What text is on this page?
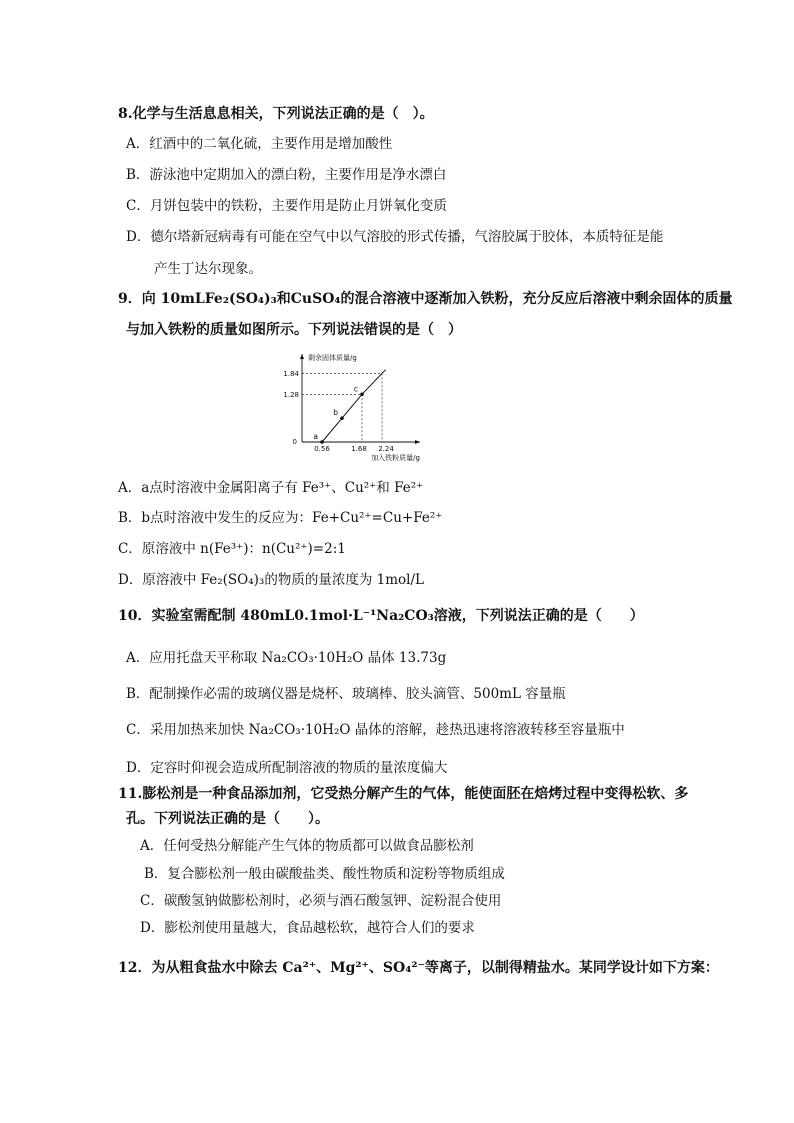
8.化学与生活息息相关，下列说法正确的是（　）。
A．红酒中的二氧化硫，主要作用是增加酸性
B．游泳池中定期加入的漂白粉，主要作用是净水漂白
C．月饼包装中的铁粉，主要作用是防止月饼氧化变质
D．德尔塔新冠病毒有可能在空气中以气溶胶的形式传播，气溶胶属于胶体，本质特征是能
产生丁达尔现象。
9．向 10mLFe₂(SO₄)₃和CuSO₄的混合溶液中逐渐加入铁粉，充分反应后溶液中剩余固体的质量
与加入铁粉的质量如图所示。下列说法错误的是（　）
剩余固体质量/g
加入铁粉质量/g
0
1.84
1.28
0.56	1.68 2.24
a
b
c
A．a点时溶液中金属阳离子有 Fe³⁺、Cu²⁺和 Fe²⁺
B．b点时溶液中发生的反应为：Fe+Cu²⁺=Cu+Fe²⁺
C．原溶液中 n(Fe³⁺)：n(Cu²⁺)=2:1
D．原溶液中 Fe₂(SO₄)₃的物质的量浓度为 1mol/L
10．实验室需配制 480mL0.1mol·L⁻¹Na₂CO₃溶液，下列说法正确的是（　　）
A．应用托盘天平称取 Na₂CO₃·10H₂O 晶体 13.73g
B．配制操作必需的玻璃仪器是烧杯、玻璃棒、胶头滴管、500mL 容量瓶
C．采用加热来加快 Na₂CO₃·10H₂O 晶体的溶解，趁热迅速将溶液转移至容量瓶中
D．定容时仰视会造成所配制溶液的物质的量浓度偏大
11.膨松剂是一种食品添加剂，它受热分解产生的气体，能使面胚在焙烤过程中变得松软、多
孔。下列说法正确的是（　　）。
A．任何受热分解能产生气体的物质都可以做食品膨松剂
B．复合膨松剂一般由碳酸盐类、酸性物质和淀粉等物质组成
C．碳酸氢钠做膨松剂时，必须与酒石酸氢钾、淀粉混合使用
D．膨松剂使用量越大，食品越松软，越符合人们的要求
12．为从粗食盐水中除去 Ca²⁺、Mg²⁺、SO₄²⁻等离子，以制得精盐水。某同学设计如下方案：
